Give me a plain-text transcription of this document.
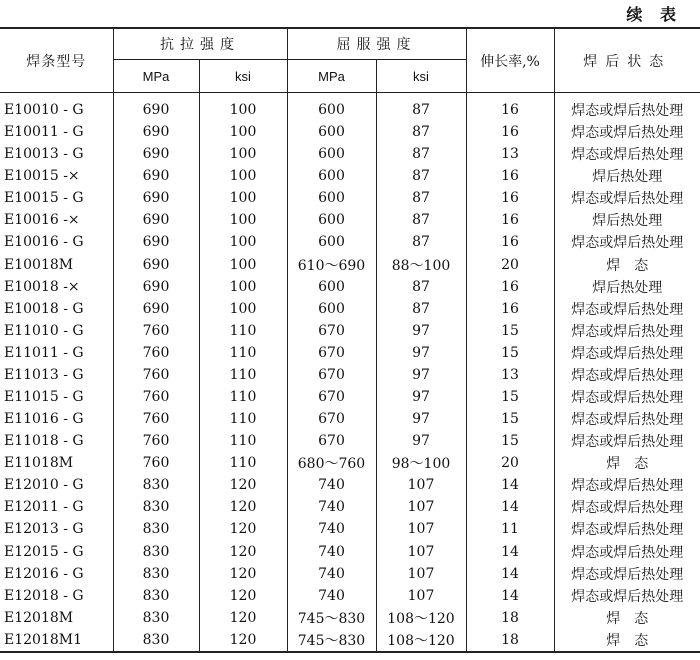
续 表
焊条型号	抗拉强度		屈服强度		伸长率,%	焊后状态
	MPa	ksi	MPa	ksi		
E10010 - G	690	100	600	87	16	焊态或焊后热处理
E10011 - G	690	100	600	87	16	焊态或焊后热处理
E10013 - G	690	100	600	87	13	焊态或焊后热处理
E10015 -×	690	100	600	87	16	焊后热处理
E10015 - G	690	100	600	87	16	焊态或焊后热处理
E10016 -×	690	100	600	87	16	焊后热处理
E10016 - G	690	100	600	87	16	焊态或焊后热处理
E10018M	690	100	610～690	88～100	20	焊　态
E10018 -×	690	100	600	87	16	焊后热处理
E10018 - G	690	100	600	87	16	焊态或焊后热处理
E11010 - G	760	110	670	97	15	焊态或焊后热处理
E11011 - G	760	110	670	97	15	焊态或焊后热处理
E11013 - G	760	110	670	97	13	焊态或焊后热处理
E11015 - G	760	110	670	97	15	焊态或焊后热处理
E11016 - G	760	110	670	97	15	焊态或焊后热处理
E11018 - G	760	110	670	97	15	焊态或焊后热处理
E11018M	760	110	680～760	98～100	20	焊　态
E12010 - G	830	120	740	107	14	焊态或焊后热处理
E12011 - G	830	120	740	107	14	焊态或焊后热处理
E12013 - G	830	120	740	107	11	焊态或焊后热处理
E12015 - G	830	120	740	107	14	焊态或焊后热处理
E12016 - G	830	120	740	107	14	焊态或焊后热处理
E12018 - G	830	120	740	107	14	焊态或焊后热处理
E12018M	830	120	745～830	108～120	18	焊　态
E12018M1	830	120	745～830	108～120	18	焊　态
